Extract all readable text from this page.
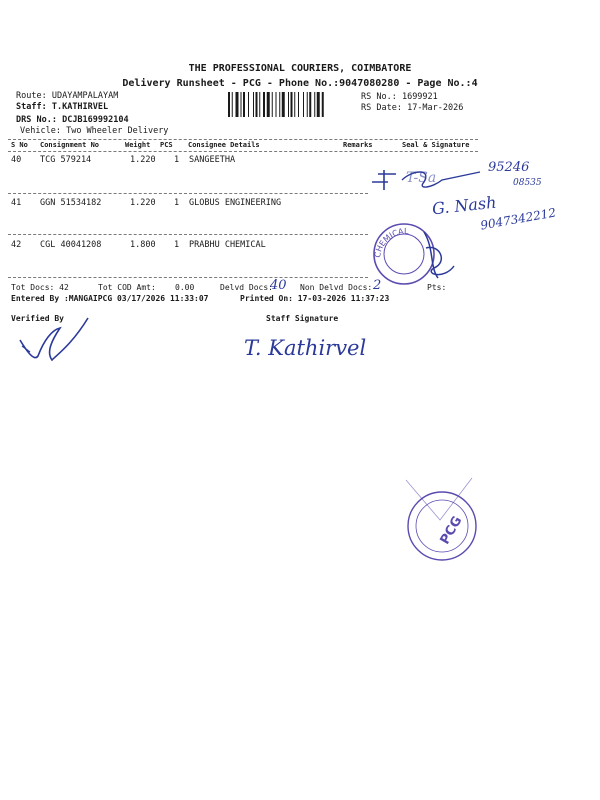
THE PROFESSIONAL COURIERS, COIMBATORE
Delivery Runsheet - PCG - Phone No.:9047080280 - Page No.:4
Route: UDAYAMPALAYAM
Staff: T.KATHIRVEL
DRS No.: DCJB169992104
Vehicle: Two Wheeler Delivery
RS No.: 1699921
RS Date: 17-Mar-2026
S No Consignment No	Weight PCS Consignee Details	Remarks	Seal & Signature
40 TCG 579214	1.220 1 SANGEETHA
41 GGN 51534182	1.220 1 GLOBUS ENGINEERING
42 CGL 40041208	1.800 1 PRABHU CHEMICAL
Tot Docs: 42	Tot COD Amt: 0.00	Delvd Docs:	Non Delvd Docs:	Pts:
Entered By :MANGAIPCG 03/17/2026 11:33:07	Printed On: 17-03-2026 11:37:23
Verified By	Staff Signature
T-Sa
95246
08535
G. Nash
9047342212
CHEMICAL
40	2
T. Kathirvel
PCG
